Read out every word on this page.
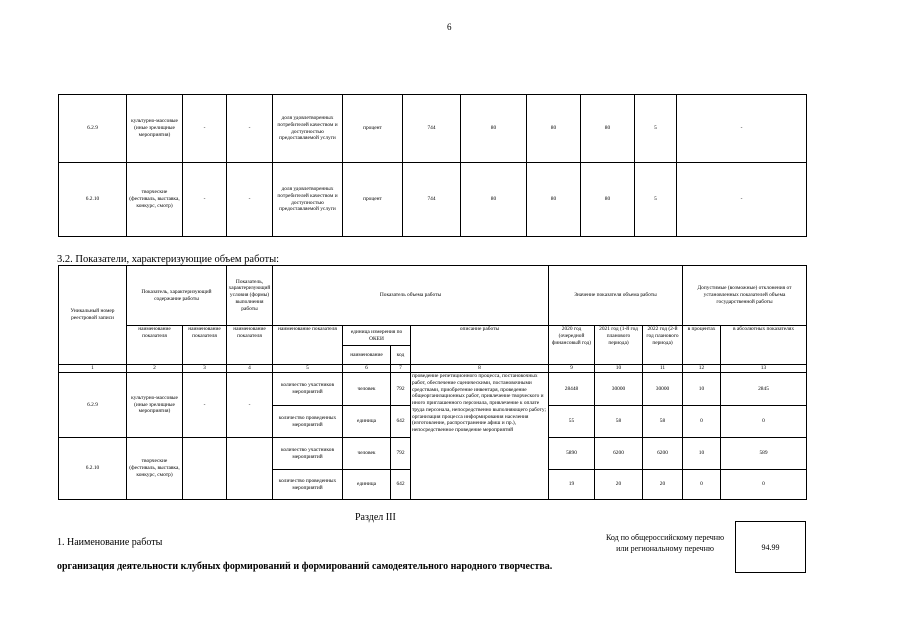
6
6.2.9	культурно-массовые (иные зрелищные мероприятия)	-	-	доля удовлетворенных потребителей качеством и доступностью предоставляемой услуги	процент	744	80	80	80	5	-
6.2.10	творческие (фестиваль, выставка, конкурс, смотр)	-	-	доля удовлетворенных потребителей качеством и доступностью предоставляемой услуги	процент	744	80	80	80	5	-
3.2. Показатели, характеризующие объем работы:
Уникальный номер реестровой записи	Показатель, характеризующий содержание работы		Показатель, характеризующий условия (формы) выполнения работы	Показатель объема работы				Значение показателя объема работы			Допустимые (возможные) отклонения от установленных показателей объема государственной работы	
	наименование показателя	наименование показателя	наименование показателя	наименование показателя	единица измерения по ОКЕИ		описание работы	2020 год (очередной финансовый год)	2021 год (1-й год планового периода)	2022 год (2-й год планового периода)	в процентах	в абсолютных показателях
					наименование	код						
1	2	3	4	5	6	7	8	9	10	11	12	13
6.2.9	культурно-массовые (иные зрелищные мероприятия)	-	-	количество участников мероприятий	человек	792	проведение репетиционного процесса, постановочных работ, обеспечение сценическими, постановочными средствами, приобретение инвентаря, проведение общеорганизационных работ, привлечение творческого и иного приглашенного персонала, привлечение к оплате труда персонала, непосредственно выполняющего работу; организация процесса информирования населения (изготовление, распространение афиш и пр.), непосредственное проведение мероприятий	28448	30000	30000	10	2845
				количество проведенных мероприятий	единица	642		55	58	58	0	0
6.2.10	творческие (фестиваль, выставка, конкурс, смотр)			количество участников мероприятий	человек	792		5890	6200	6200	10	589
				количество проведенных мероприятий	единица	642		19	20	20	0	0
Раздел III
1. Наименование работы
организация деятельности клубных формирований и формирований самодеятельного народного творчества.
Код по общероссийскому перечню или региональному перечню	94.99
